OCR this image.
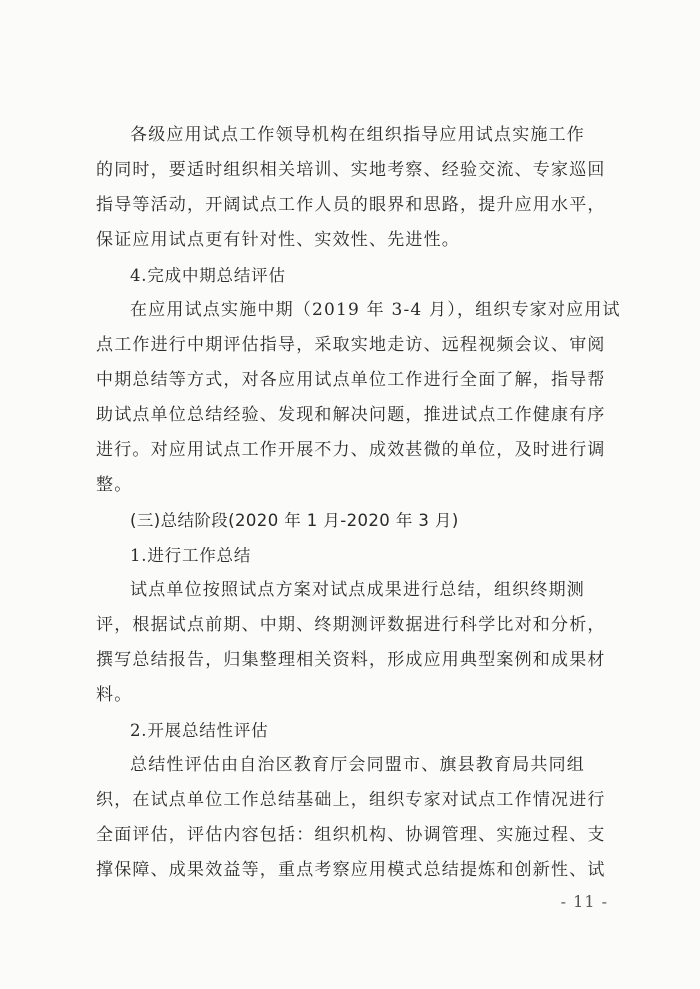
各级应用试点工作领导机构在组织指导应用试点实施工作
的同时，要适时组织相关培训、实地考察、经验交流、专家巡回
指导等活动，开阔试点工作人员的眼界和思路，提升应用水平，
保证应用试点更有针对性、实效性、先进性。
4.完成中期总结评估
在应用试点实施中期（2019 年 3-4 月），组织专家对应用试
点工作进行中期评估指导，采取实地走访、远程视频会议、审阅
中期总结等方式，对各应用试点单位工作进行全面了解，指导帮
助试点单位总结经验、发现和解决问题，推进试点工作健康有序
进行。对应用试点工作开展不力、成效甚微的单位，及时进行调
整。
(三)总结阶段(2020 年 1 月-2020 年 3 月)
1.进行工作总结
试点单位按照试点方案对试点成果进行总结，组织终期测
评，根据试点前期、中期、终期测评数据进行科学比对和分析，
撰写总结报告，归集整理相关资料，形成应用典型案例和成果材
料。
2.开展总结性评估
总结性评估由自治区教育厅会同盟市、旗县教育局共同组
织，在试点单位工作总结基础上，组织专家对试点工作情况进行
全面评估，评估内容包括：组织机构、协调管理、实施过程、支
撑保障、成果效益等，重点考察应用模式总结提炼和创新性、试
- 11 -
